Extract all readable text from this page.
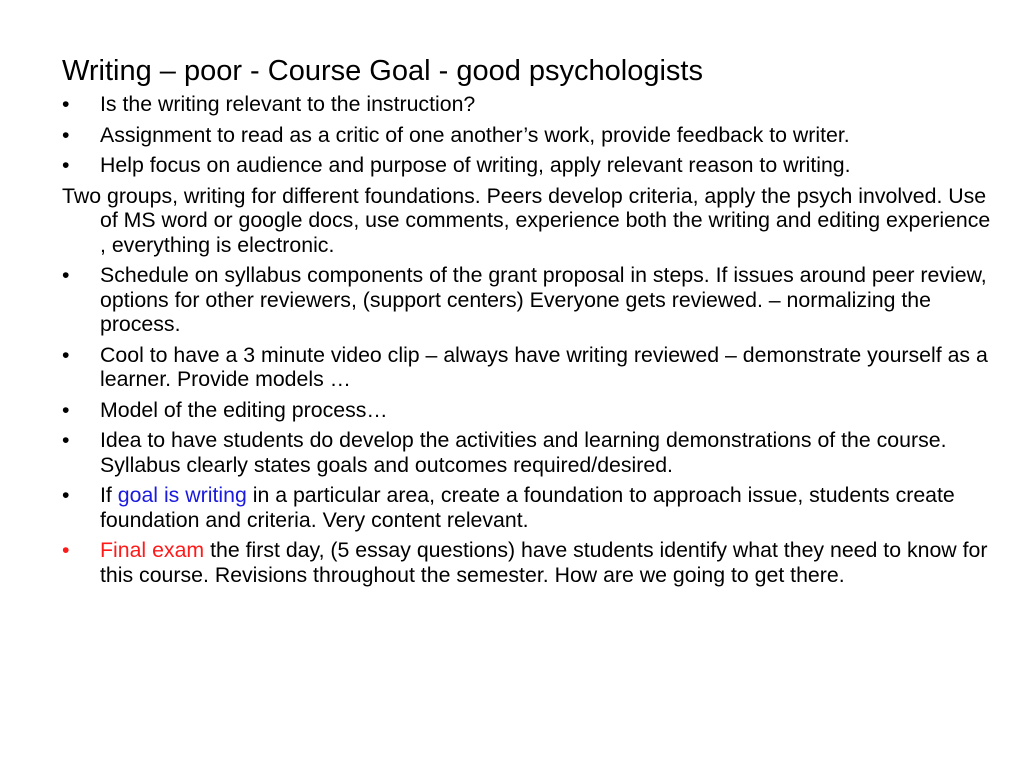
Writing – poor - Course Goal - good psychologists
• Is the writing relevant to the instruction?
• Assignment to read as a critic of one another’s work, provide feedback to writer.
• Help focus on audience and purpose of writing, apply relevant reason to writing.
Two groups, writing for different foundations. Peers develop criteria, apply the psych involved. Use of MS word or google docs, use comments, experience both the writing and editing experience , everything is electronic.
• Schedule on syllabus components of the grant proposal in steps. If issues around peer review, options for other reviewers, (support centers) Everyone gets reviewed. – normalizing the process.
• Cool to have a 3 minute video clip – always have writing reviewed – demonstrate yourself as a learner. Provide models …
• Model of the editing process…
• Idea to have students do develop the activities and learning demonstrations of the course. Syllabus clearly states goals and outcomes required/desired.
• If goal is writing in a particular area, create a foundation to approach issue, students create foundation and criteria. Very content relevant.
• Final exam the first day, (5 essay questions) have students identify what they need to know for this course. Revisions throughout the semester. How are we going to get there.
